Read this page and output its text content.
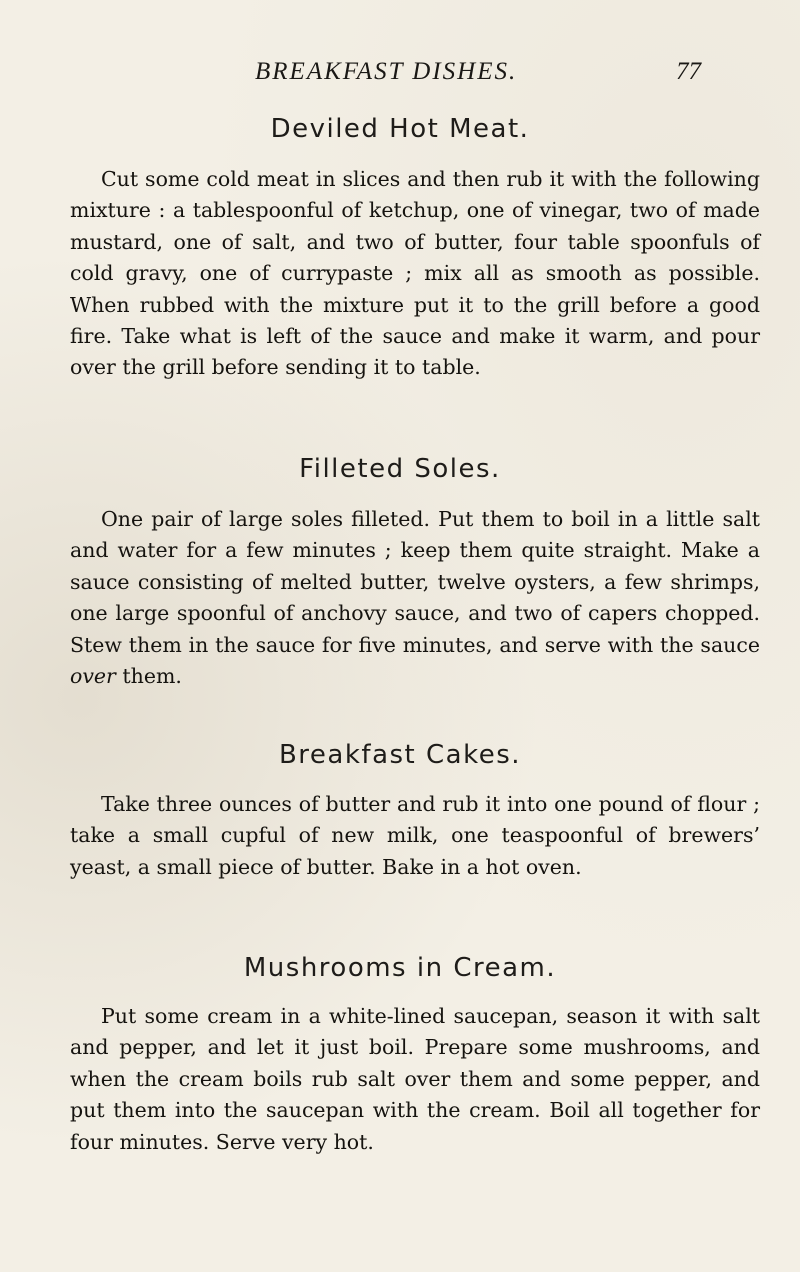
BREAKFAST DISHES.	77
Deviled Hot Meat.

Cut some cold meat in slices and then rub it with the following mixture : a tablespoonful of ketchup, one of vinegar, two of made mustard, one of salt, and two of butter, four table spoonfuls of cold gravy, one of currypaste ; mix all as smooth as possible. When rubbed with the mixture put it to the grill before a good fire. Take what is left of the sauce and make it warm, and pour over the grill before sending it to table.

Filleted Soles.

One pair of large soles filleted. Put them to boil in a little salt and water for a few minutes ; keep them quite straight. Make a sauce consisting of melted butter, twelve oysters, a few shrimps, one large spoonful of anchovy sauce, and two of capers chopped. Stew them in the sauce for five minutes, and serve with the sauce over them.

Breakfast Cakes.

Take three ounces of butter and rub it into one pound of flour ; take a small cupful of new milk, one teaspoonful of brewers’ yeast, a small piece of butter. Bake in a hot oven.

Mushrooms in Cream.

Put some cream in a white-lined saucepan, season it with salt and pepper, and let it just boil. Prepare some mushrooms, and when the cream boils rub salt over them and some pepper, and put them into the saucepan with the cream. Boil all together for four minutes. Serve very hot.
